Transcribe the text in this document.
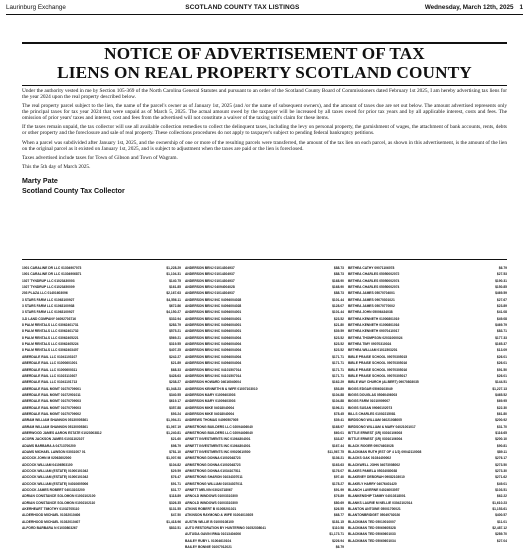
Laurinburg Exchange	SCOTLAND COUNTY TAX LISTINGS	Wednesday, March 12th, 2025 1
NOTICE OF ADVERTISEMENT OF TAX
LIENS ON REAL PROPERTY SCOTLAND COUNTY

Under the authority vested in me by Section 105-369 of the North Carolina General Statutes and pursuant to an order of the Scotland County Board of Commissioners dated February 1st 2025, I am hereby advertising tax liens for the year 2024 upon the real property described below.

The real property parcel subject to the lien, the name of the parcel's owner as of January 1st, 2025 (and /or the name of subsequent owners), and the amount of taxes due are set out below. The amount advertised represents only the principal taxes for tax year 2024 that were unpaid as of March 5, 2025. The actual amount owed by the taxpayer will be increased by all taxes owed for prior tax years and by all applicable interest, costs and fees. The omission of prior years' taxes and interest, cost and fees from the advertised will not constitute a waiver of the taxing unit's claim for these items.

If the taxes remain unpaid, the tax collector will use all available collection remedies to collect the delinquent taxes, including the levy on personal property, the garnishment of wages, the attachment of bank accounts, rents, debts or other property and the foreclosure and sale of real property. These collections procedures do not apply to taxpayer's subject to pending federal bankruptcy petitions.

When a parcel was subdivided after January 1st, 2025, and the ownership of one or more of the resulting parcels were transferred, the amount of the tax lien on each parcel, as shown in this advertisement, is the amount of the lien on the original parcel as it existed on January 1st, 2025, and is subject to adjustment when the taxes are paid or the lien is foreclosed.

Taxes advertised include taxes for Town of Gibson and Town of Wagram.

This the 5th day of March 2025.

Marty Pate
Scotland County Tax Collector
1001 CARALINE DR LLC 01304907073	$1,228.29
1001 CARALINE DR LLC 01304906871	$1,104.31
1027 TYNDRUP LLC 01023430003	$140.75
1027 TYNDRUP LLC 01023450009	$161.85
203 PLAZA LLC 01401603096	$2,167.63
3 STARS FARM LLC 01063100927	$4,556.11
3 STARS FARM LLC 01063100938	$672.86
3 STARS FARM LLC 01063100927	$4,150.27
3-D LAND COMPANY 04092703716	$332.94
8 PALM RENTALS LLC 03062401731	$283.79
8 PALM RENTALS LLC 03062401732	$575.21
8 PALM RENTALS LLC 03062405221	$569.21
8 PALM RENTALS LLC 03062405224	$319.55
8 PALM RENTALS LLC 03062403407	$407.25
ABERDALE RAIL LLC 01041103107	$242.27
ABERDALE RAIL LLC 01000601001	$21.89
ABERDALE RAIL LLC 01000600311	$68.33
ABERDALE RAIL LLC 01023110307	$428.63
ABERDALE RAIL LLC 01041101713	$238.27
ABERDALE RAIL MGMT 01070709001	$1,048.23
ABERDALE RAIL MGMT 01072901011	$340.55
ABERDALE RAIL MGMT 01070709003	$619.17
ABERDALE RAIL MGMT 01070709003	$357.88
ABERDALE RAIL MGMT 01070709002	$93.24
ABRAM WILLIAM SHANNON 05130005361	$1,094.21
ABRAM WILLIAM SHANNON 05130005361	$1,067.19
ABERWOOD JAMES AARON ESTATE 01023003812	$1,240.81
ACORN JACKSON JAMES 01031102107	$21.60
ADAMS BARBARA A 04713700200	$98.79
ADAMS MICHAEL LAWSON 03031007 01	$781.10
ADCOCK JOHN M 02062602000	$1,007.98
ADCOCK WILLIAM 04106503100	$104.82
ADCOCK WILLIAM (ESTATE) 01000101042	$29.59
ADCOCK WILLIAM (ESTATE) 01000101042	$76.47
ADCOCK WILLIAM (ESTATE) 04010605006	$91.71
ADCOCK JAMES ROBERT 04013102200	$31.77
ADRIAN CONSTANCE SOLOMON 01002102100	$118.89
ADRIAN CONSTANCE SOLOMON 01002102110	$326.35
AKERHEART TIMOTHY 01032705110	$131.55
ALDERHOOD MICHAEL 01032010406	$47.50
ALDERHOOD MICHAEL 01032010407	$1,418.96
ALFORD BARBARA N 01030803267	$832.51
ANDERSON BENJ 01014304937	$88.73
ANDERSON BENJ 01014304937	$88.73
ANDERSON BENJ 01014304937	$168.90
ANDERSON BENJ 04094004028	$168.90
ANDERSON BENJ 01014304937	$88.73
ANDERSON BENJ INC 04094004028	$101.44
ANDERSON BENJ INC 04094004028	$128.07
ANDERSON BENJ INC 04094004001	$101.44
ANDERSON BENJ INC 04094004001	$23.52
ANDERSON BENJ INC 04094004001	$21.80
ANDERSON BENJ INC 04094004001	$39.59
ANDERSON BENJ INC 04094004004	$23.52
ANDERSON BENJ INC 04094004004	$23.52
ANDERSON BENJ INC 04094004004	$23.52
ANDERSON BENJ INC 04094004004	$171.71
ANDERSON BENJ INC 04094004004	$171.71
ANDERSON BENJ INC 04101507014	$171.71
ANDERSON BENJ INC 04101507014	$171.71
ANDERSON HOWARD 04016040004	$162.29
ANDERSON KENNETH B & WIFE 01007103010	$53.89
ANDERSON MARY 01009403003	$104.88
ANDERSON MARY 01009403003	$104.88
ANDERSON MIKE 04018040004	$196.21
ANDERSON MIKE 04018040004	$78.45
ANDREWS THOMAS 04090507005	$39.41
ARMSTRONG BUILDERS LLC 02094406040	$168.97
ARMSTRONG BUILDERS LLC 02094406040	$60.01
ARNETT INVESTMENTS INC 01064304001	$33.87
ARNETT INVESTMENTS INC 01064304001	$167.44
ARNETT INVESTMENTS INC 09020610500	$11,567.75
ARMSTRONG DONNA 01002048723	$136.21
ARMSTRONG DONNA 01002048723	$163.63
ARMSTRONG DONNA 01034107511	$176.07
ARMSTRONG SHARON 01034307011	$97.40
ARMSTRONG WILLIAM 01034307011	$178.27
ARNETT MELVIN 03024718067	$91.99
ARNOLD WINDOWS 01003310300	$76.89
ARNOLD WINDOWS 01003310300	$80.69
ATKINS ROBERT B 01005201021	$26.55
ATKINSON RAYMOND & WIFE 01004010305	$68.77
AUSTIN WILLIE B 01000108100	$181.15
AUTO RESTORATION BY HUNTERING 01052308041	$110.58
AUTUSIA GAVIN IRMA 01013404006	$1,173.71
BAILEY RUBY L 01004610104	$226.94
BAILEY BONNIE 01007012021	$6.79
BETHEA CATHY 09071106078	$6.79
BETHEA CHARLES 05050002072	$27.53
BETHEA CHARLES 05050002074	$190.31
BETHEA CHARLES 05050002074	$150.85
BETHEA JAMES 05070704001	$469.59
BETHEA JAMES 09070301021	$27.67
BETHEA JAMES 05070770002	$23.89
BETHEA JOHN 05006434038	$41.08
BETHEA KENNETH 01000801019	$49.08
BETHEA KENNETH 01000801016	$469.79
BETHEA KENNETH 09070410017	$83.71
BETHEA THOMPSON 02031000024	$177.33
BETHEA TIMY 09070310024	$165.37
BETHEA WILLIAM 01011503201	$13.09
BIBLE PRAISE SCHOOL 09070305015	$26.01
BIBLE PRAISE SCHOOL 09070305016	$26.01
BIBLE PRAISE SCHOOL 09070305016	$91.50
BIBLE PRAISE SCHOOL 09070305017	$26.01
BIBLE WAY CHURCH (ALBERT) 09070803035	$144.51
BIGGS EDGAR 05060103049	$1,227.13
BIGGS DOUGLAS 05060406003	$465.52
BIGGS FARM 01010909007	$69.95
BIGGS SUSAN 09060102073	$22.30
BILLS CHARLES 01002215081	$61.80
BIRDSONG WILLIAM 04021008005	$200.92
BIRDSONG WILLIAM & MARY 04021001017	$31.70
BITTLE ERNEST (1R) 03010106003	$116.65
BITTLE ERNEST (1R) 03010106004	$200.10
BLACK ROGER 09074603028	$90.81
BLACKMAN RUTH (EST OF 4 1/2) 09042110008	$89.11
BLACKS OAK 01034400002	$276.17
BLACKWELL JOHN 04073008002	$273.50
BLAKES PAMELA 05024080038	$273.30
BLAKENEY DEBORAH 09082103010	$271.62
BLAKELY HARRY 04076401420	$49.01
BLANCH LAVERNE 04024003057	$103.51
BLANKENSHIP TAMMY 04010318001	$62.22
BLANKS LAURIE M NELLIE 03042102014	$1,610.23
BLANTON ANTOINE 05001700021	$1,153.61
BLANTONBRIDGET 05049702026	$400.57
BLACKMAN TED 05010010007	$11.01
BLACKMAN TED 05060605328	$2,487.12
BLACKMAN TED 05060601033	$289.70
BLACKMAN TED 05060601034	$27.04
